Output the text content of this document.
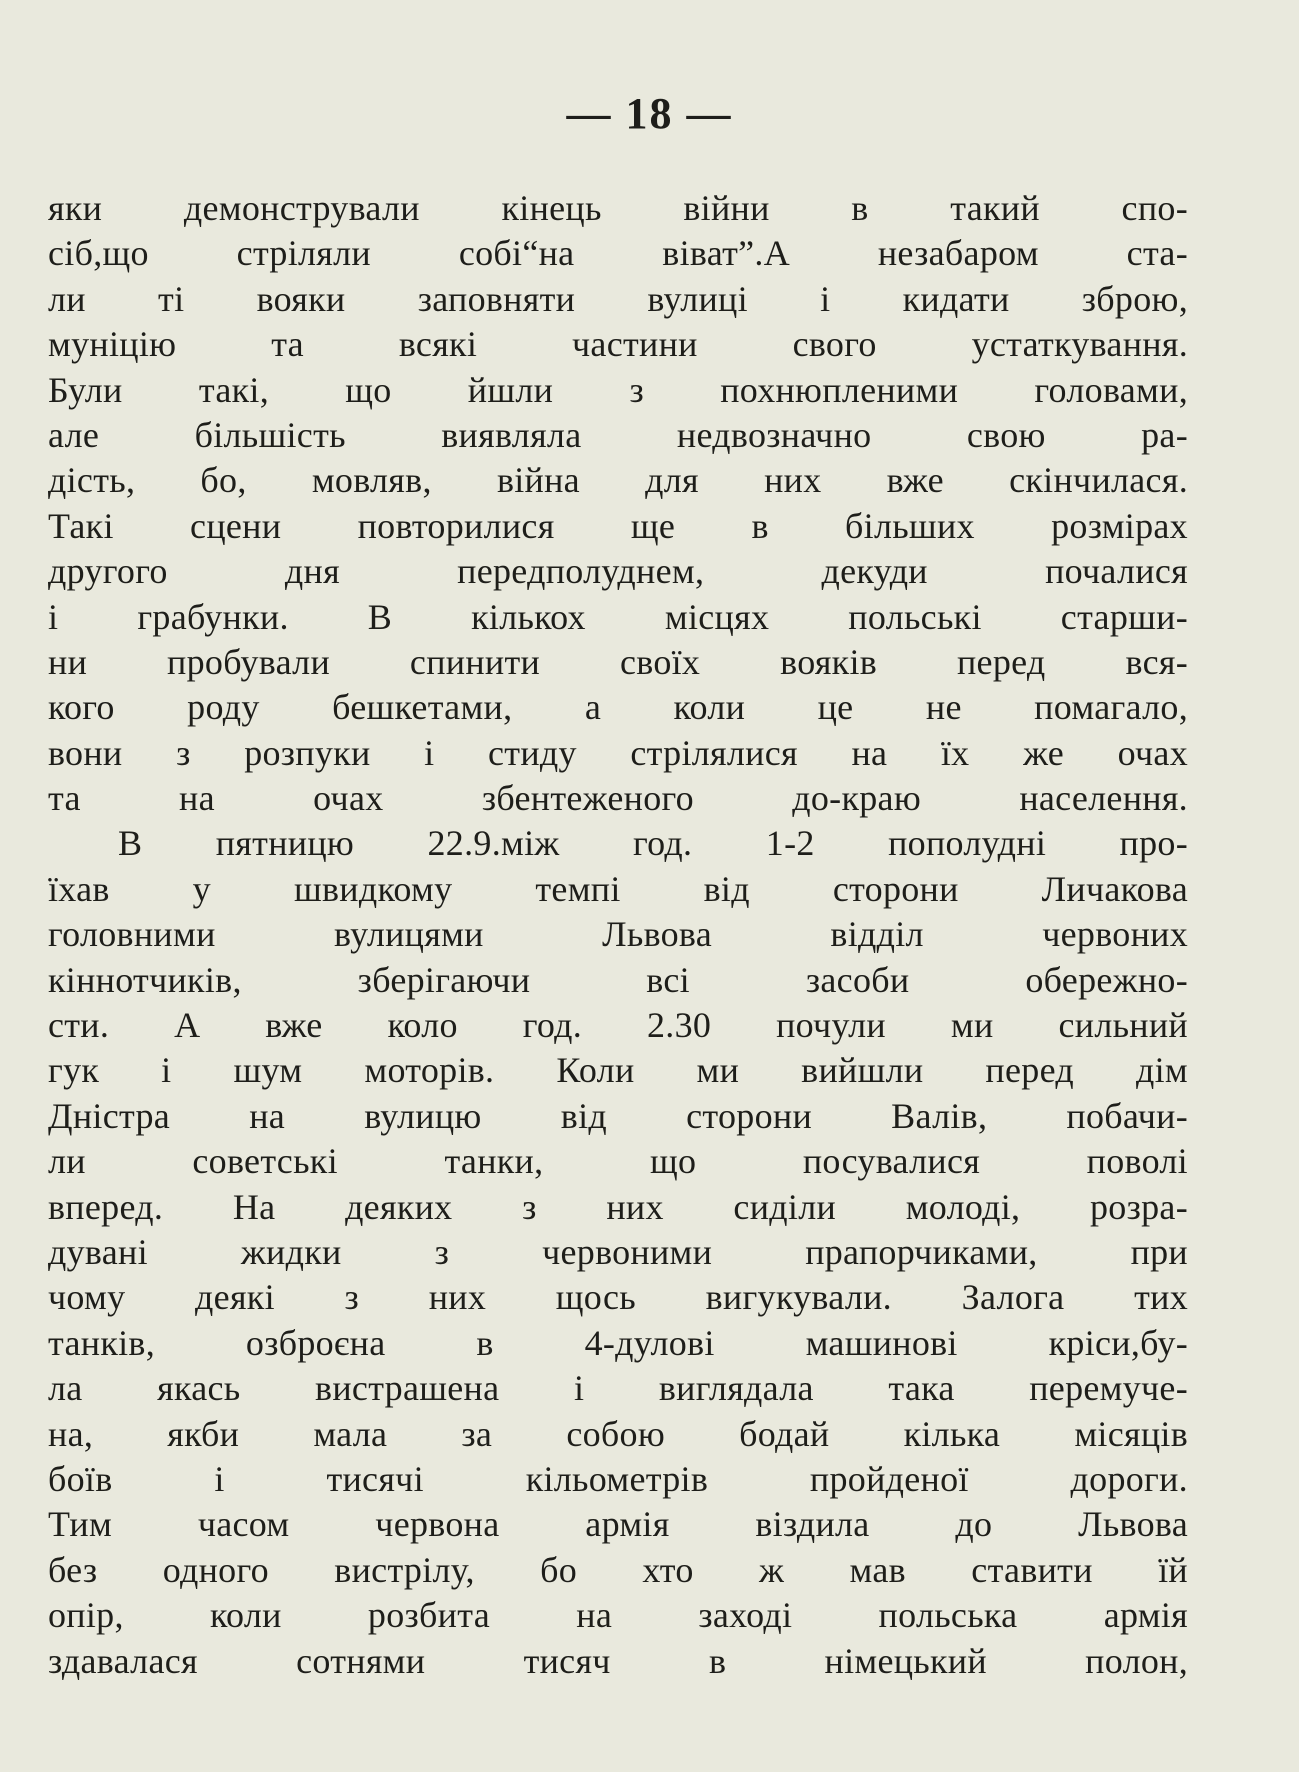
— 18 —
яки демонстрували кінець війни в такий спо-
сіб,що стріляли собі“на віват”.А незабаром ста-
ли ті вояки заповняти вулиці і кидати зброю,
муніцію та всякі частини свого устаткування.
Були такі, що йшли з похнюпленими головами,
але більшість виявляла недвозначно свою ра-
дість, бо, мовляв, війна для них вже скінчилася.
Такі сцени повторилися ще в більших розмірах
другого дня передполуднем, декуди почалися
і грабунки. В кількох місцях польські старши-
ни пробували спинити своїх вояків перед вся-
кого роду бешкетами, а коли це не помагало,
вони з розпуки і стиду стрілялися на їх же очах
та на очах збентеженого до-краю населення.
В пятницю 22.9.між год. 1-2 пополудні про-
їхав у швидкому темпі від сторони Личакова
головними вулицями Львова відділ червоних
кіннотчиків, зберігаючи всі засоби обережно-
сти. А вже коло год. 2.30 почули ми сильний
гук і шум моторів. Коли ми вийшли перед дім
Дністра на вулицю від сторони Валів, побачи-
ли советські танки, що посувалися поволі
вперед. На деяких з них сиділи молоді, розра-
дувані жидки з червоними прапорчиками, при
чому деякі з них щось вигукували. Залога тих
танків, озброєна в 4-дулові машинові кріси,бу-
ла якась вистрашена і виглядала така перемуче-
на, якби мала за собою бодай кілька місяців
боїв і тисячі кільометрів пройденої дороги.
Тим часом червона армія віздила до Львова
без одного вистрілу, бо хто ж мав ставити їй
опір, коли розбита на заході польська армія
здавалася сотнями тисяч в німецький полон,
